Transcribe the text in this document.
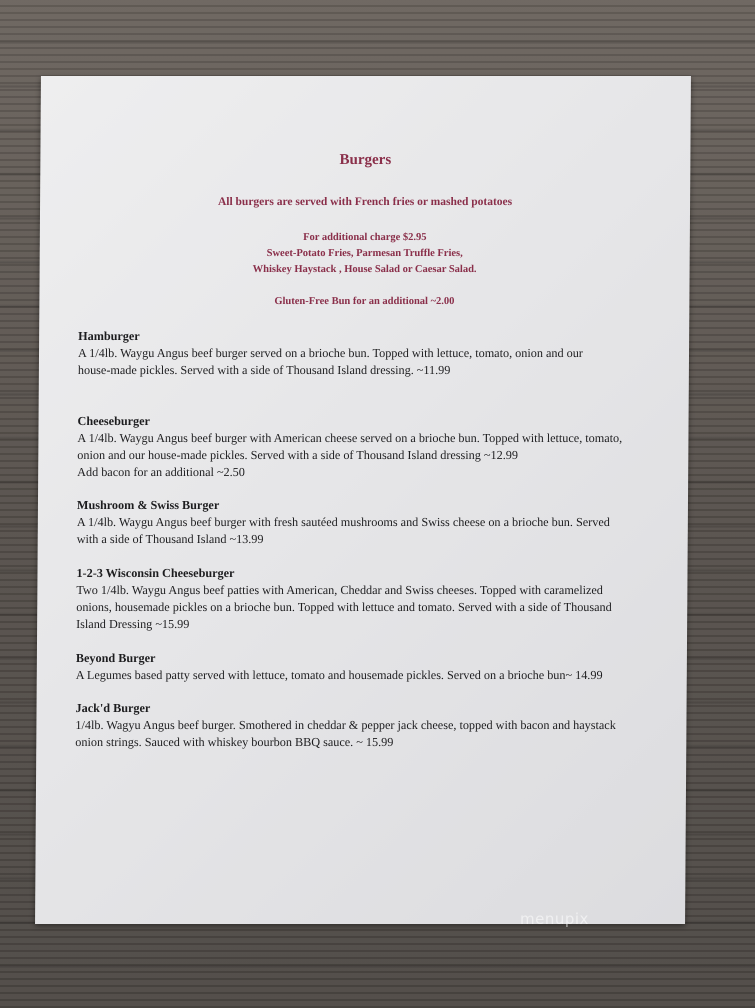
Burgers
All burgers are served with French fries or mashed potatoes
For additional charge $2.95
Sweet-Potato Fries, Parmesan Truffle Fries,
Whiskey Haystack , House Salad or Caesar Salad.
Gluten-Free Bun for an additional ~2.00
Hamburger
A 1/4lb. Waygu Angus beef burger served on a brioche bun. Topped with lettuce, tomato, onion and our
house-made pickles. Served with a side of Thousand Island dressing. ~11.99
Cheeseburger
A 1/4lb. Waygu Angus beef burger with American cheese served on a brioche bun. Topped with lettuce, tomato,
onion and our house-made pickles. Served with a side of Thousand Island dressing ~12.99
Add bacon for an additional ~2.50
Mushroom & Swiss Burger
A 1/4lb. Waygu Angus beef burger with fresh sautéed mushrooms and Swiss cheese on a brioche bun. Served
with a side of Thousand Island ~13.99
1-2-3 Wisconsin Cheeseburger
Two 1/4lb. Waygu Angus beef patties with American, Cheddar and Swiss cheeses. Topped with caramelized
onions, housemade pickles on a brioche bun. Topped with lettuce and tomato. Served with a side of Thousand
Island Dressing ~15.99
Beyond Burger
A Legumes based patty served with lettuce, tomato and housemade pickles. Served on a brioche bun~ 14.99
Jack'd Burger
1/4lb. Wagyu Angus beef burger. Smothered in cheddar & pepper jack cheese, topped with bacon and haystack
onion strings. Sauced with whiskey bourbon BBQ sauce. ~ 15.99
menupix
